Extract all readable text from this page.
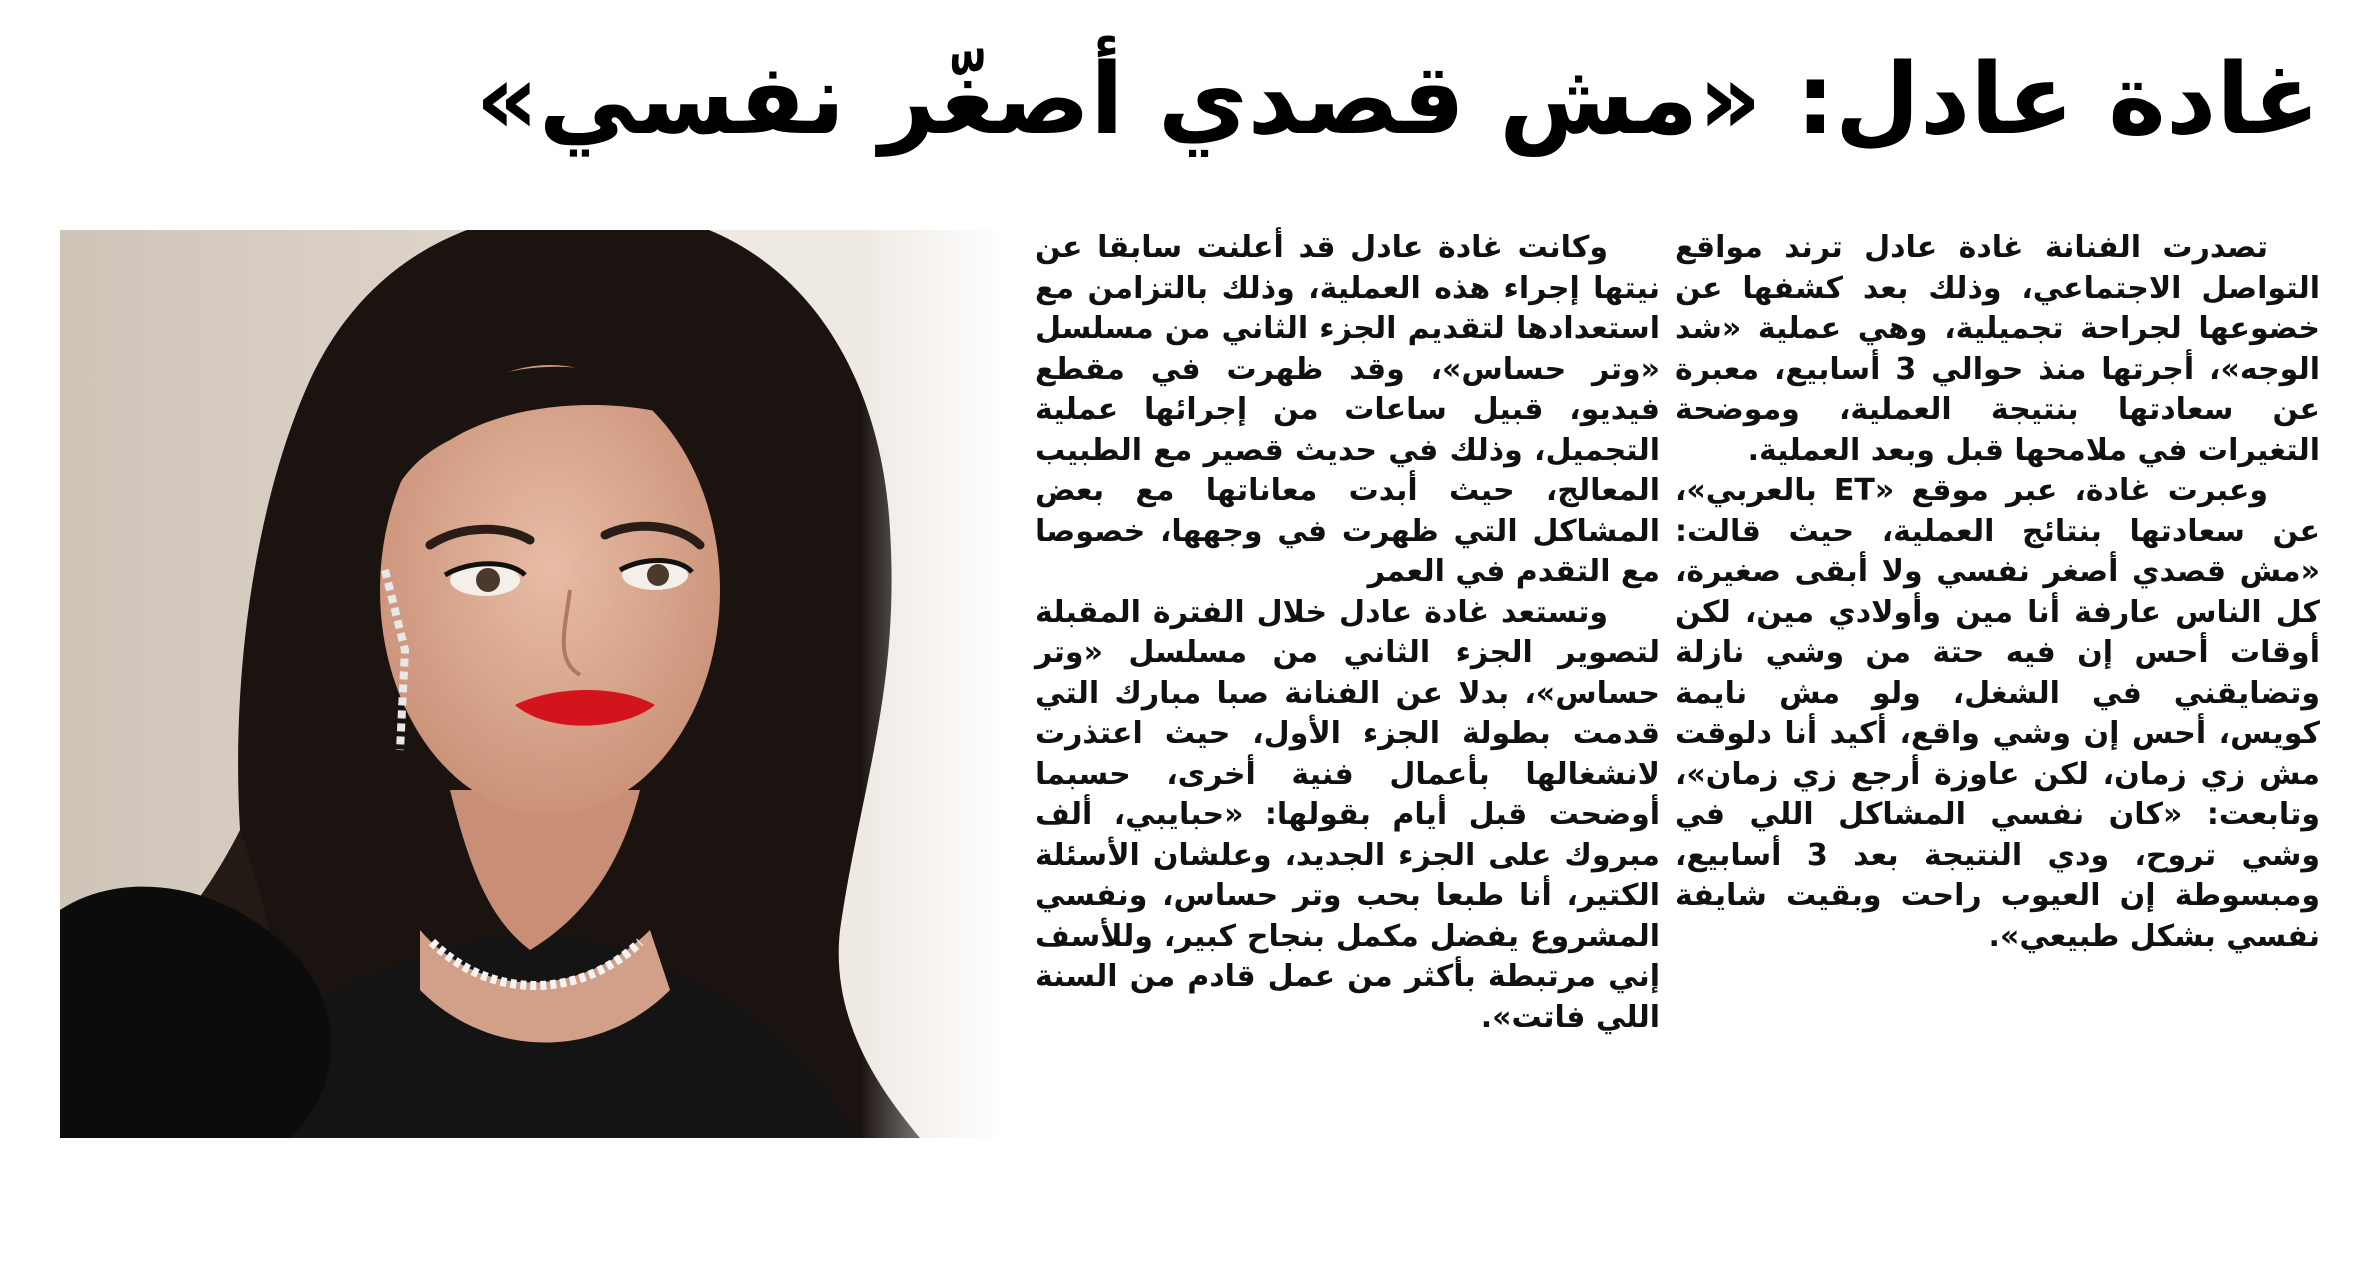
غادة عادل: «مش قصدي أصغّر نفسي»

تصدرت الفنانة غادة عادل ترند مواقع التواصل الاجتماعي، وذلك بعد كشفها عن خضوعها لجراحة تجميلية، وهي عملية «شد الوجه»، أجرتها منذ حوالي 3 أسابيع، معبرة عن سعادتها بنتيجة العملية، وموضحة التغيرات في ملامحها قبل وبعد العملية.

وعبرت غادة، عبر موقع «ET بالعربي»، عن سعادتها بنتائج العملية، حيث قالت: «مش قصدي أصغر نفسي ولا أبقى صغيرة، كل الناس عارفة أنا مين وأولادي مين، لكن أوقات أحس إن فيه حتة من وشي نازلة وتضايقني في الشغل، ولو مش نايمة كويس، أحس إن وشي واقع، أكيد أنا دلوقت مش زي زمان، لكن عاوزة أرجع زي زمان»، وتابعت: «كان نفسي المشاكل اللي في وشي تروح، ودي النتيجة بعد 3 أسابيع، ومبسوطة إن العيوب راحت وبقيت شايفة نفسي بشكل طبيعي».

وكانت غادة عادل قد أعلنت سابقا عن نيتها إجراء هذه العملية، وذلك بالتزامن مع استعدادها لتقديم الجزء الثاني من مسلسل «وتر حساس»، وقد ظهرت في مقطع فيديو، قبيل ساعات من إجرائها عملية التجميل، وذلك في حديث قصير مع الطبيب المعالج، حيث أبدت معاناتها مع بعض المشاكل التي ظهرت في وجهها، خصوصا مع التقدم في العمر

وتستعد غادة عادل خلال الفترة المقبلة لتصوير الجزء الثاني من مسلسل «وتر حساس»، بدلا عن الفنانة صبا مبارك التي قدمت بطولة الجزء الأول، حيث اعتذرت لانشغالها بأعمال فنية أخرى، حسبما أوضحت قبل أيام بقولها: «حبايبي، ألف مبروك على الجزء الجديد، وعلشان الأسئلة الكتير، أنا طبعا بحب وتر حساس، ونفسي المشروع يفضل مكمل بنجاح كبير، وللأسف إني مرتبطة بأكثر من عمل قادم من السنة اللي فاتت».
